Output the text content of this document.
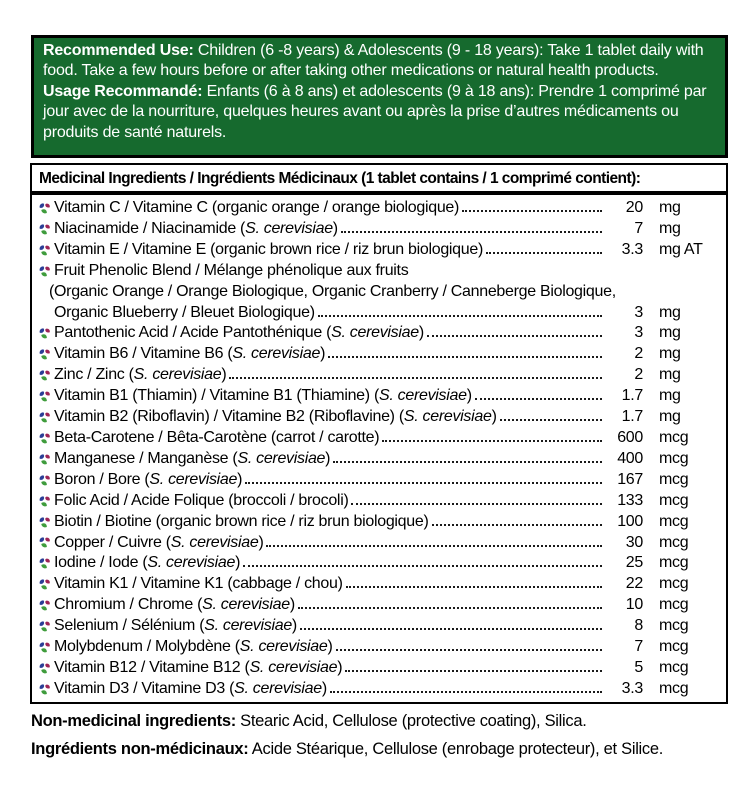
Recommended Use: Children (6 -8 years) & Adolescents (9 - 18 years): Take 1 tablet daily with food. Take a few hours before or after taking other medications or natural health products.

Usage Recommandé: Enfants (6 à 8 ans) et adolescents (9 à 18 ans): Prendre 1 comprimé par jour avec de la nourriture, quelques heures avant ou après la prise d’autres médicaments ou produits de santé naturels.

Medicinal Ingredients / Ingrédients Médicinaux (1 tablet contains / 1 comprimé contient):
Vitamin C / Vitamine C (organic orange / orange biologique)	20 mg
Niacinamide / Niacinamide (S. cerevisiae)	7 mg
Vitamin E / Vitamine E (organic brown rice / riz brun biologique)	3.3 mg AT
Fruit Phenolic Blend / Mélange phénolique aux fruits
(Organic Orange / Orange Biologique, Organic Cranberry / Canneberge Biologique,
Organic Blueberry / Bleuet Biologique)	3 mg
Pantothenic Acid / Acide Pantothénique (S. cerevisiae)	3 mg
Vitamin B6 / Vitamine B6 (S. cerevisiae)	2 mg
Zinc / Zinc (S. cerevisiae)	2 mg
Vitamin B1 (Thiamin) / Vitamine B1 (Thiamine) (S. cerevisiae)	1.7 mg
Vitamin B2 (Riboflavin) / Vitamine B2 (Riboflavine) (S. cerevisiae)	1.7 mg
Beta-Carotene / Bêta-Carotène (carrot / carotte)	600 mcg
Manganese / Manganèse (S. cerevisiae)	400 mcg
Boron / Bore (S. cerevisiae)	167 mcg
Folic Acid / Acide Folique (broccoli / brocoli)	133 mcg
Biotin / Biotine (organic brown rice / riz brun biologique)	100 mcg
Copper / Cuivre (S. cerevisiae)	30 mcg
Iodine / Iode (S. cerevisiae)	25 mcg
Vitamin K1 / Vitamine K1 (cabbage / chou)	22 mcg
Chromium / Chrome (S. cerevisiae)	10 mcg
Selenium / Sélénium (S. cerevisiae)	8 mcg
Molybdenum / Molybdène (S. cerevisiae)	7 mcg
Vitamin B12 / Vitamine B12 (S. cerevisiae)	5 mcg
Vitamin D3 / Vitamine D3 (S. cerevisiae)	3.3 mcg

Non-medicinal ingredients: Stearic Acid, Cellulose (protective coating), Silica.

Ingrédients non-médicinaux: Acide Stéarique, Cellulose (enrobage protecteur), et Silice.
